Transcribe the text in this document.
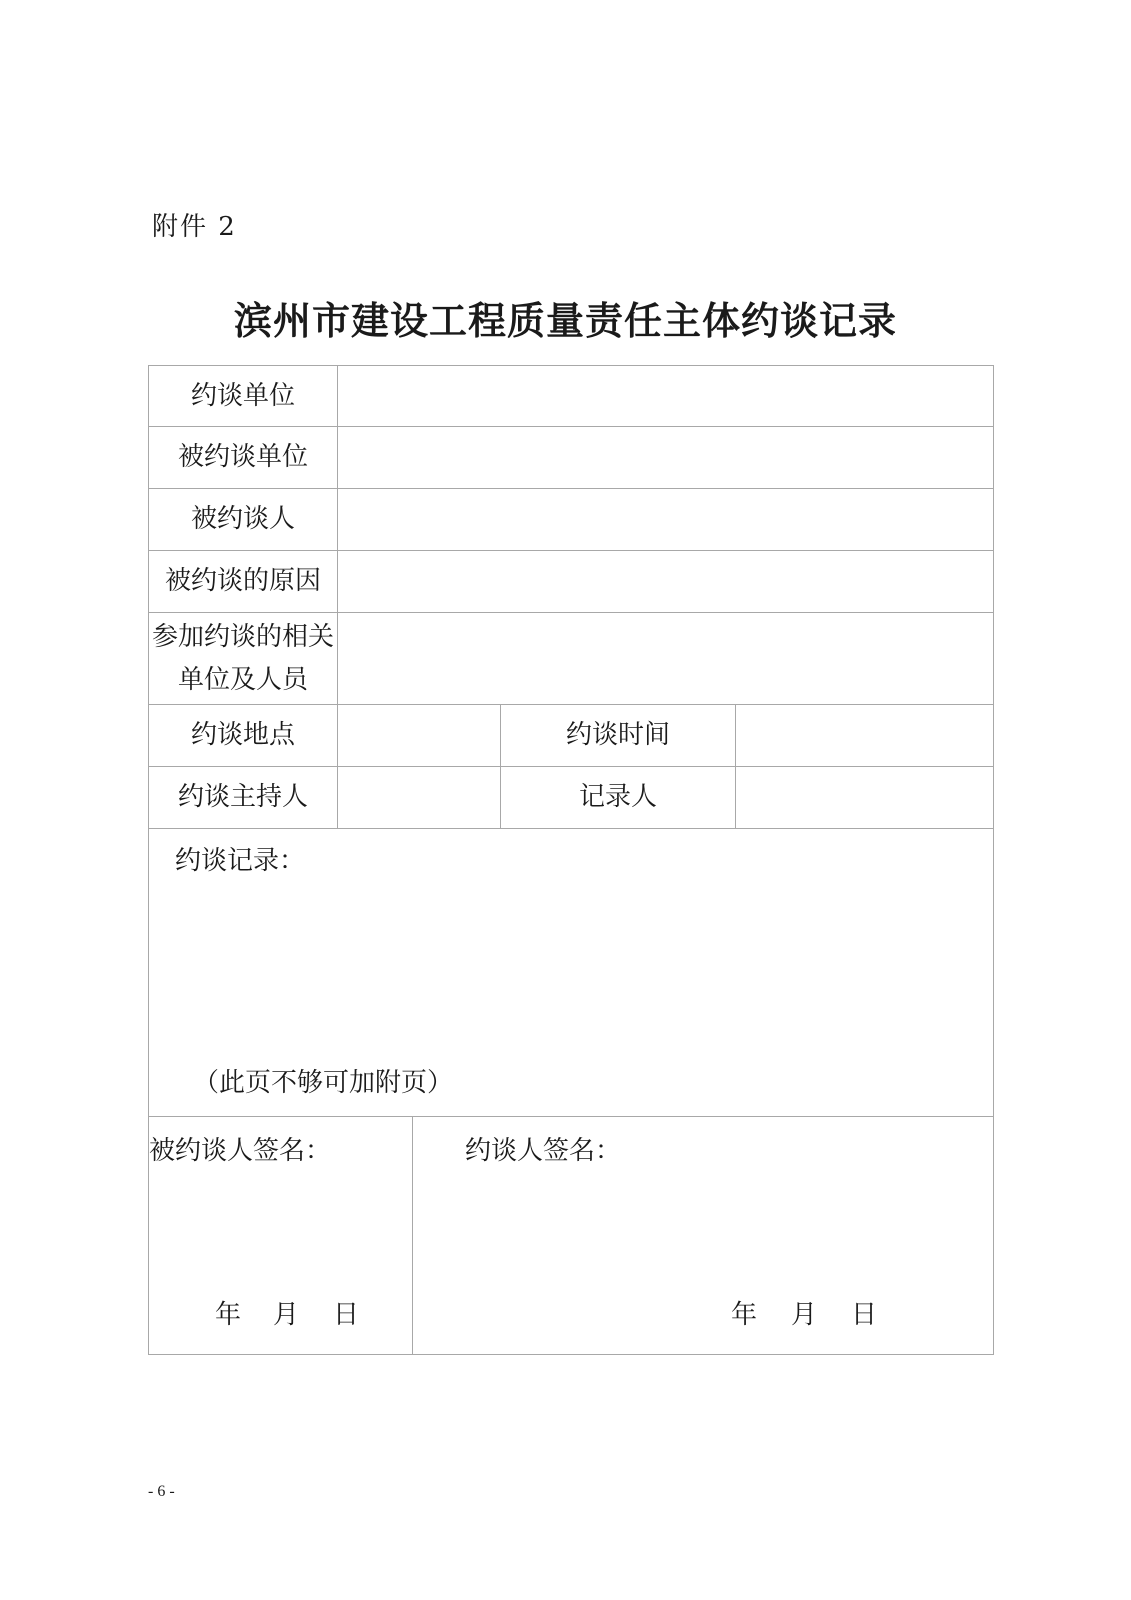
附件 2
滨州市建设工程质量责任主体约谈记录
约谈单位
被约谈单位
被约谈人
被约谈的原因
参加约谈的相关
单位及人员
约谈地点	约谈时间
约谈主持人	记录人
约谈记录：
（此页不够可加附页）
被约谈人签名：
年 月 日
约谈人签名：
年 月 日
- 6 -
